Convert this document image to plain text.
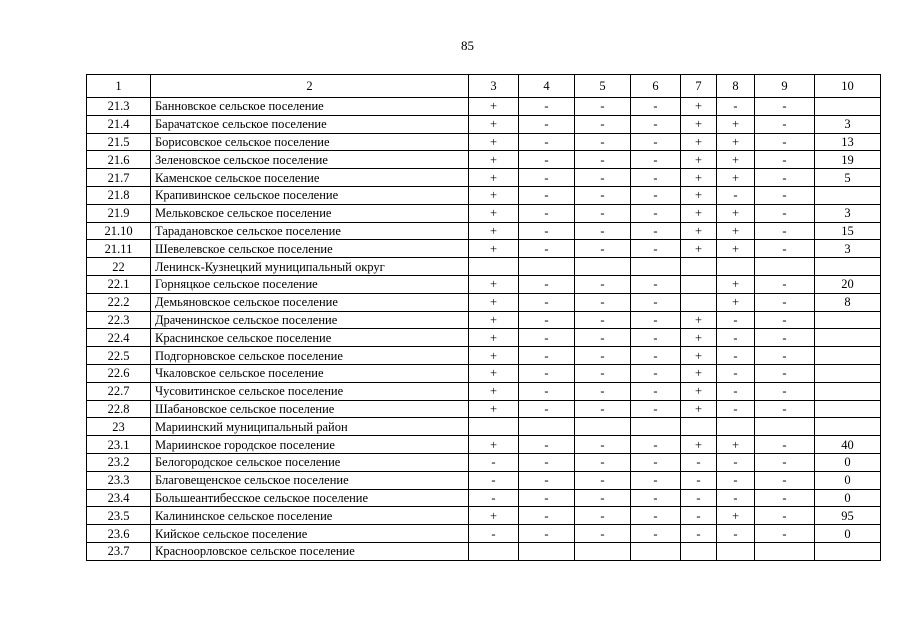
85
1	2	3	4	5	6	7	8	9	10
21.3	Банновское сельское поселение	+	-	-	-	+	-	-	
21.4	Барачатское сельское поселение	+	-	-	-	+	+	-	3
21.5	Борисовское сельское поселение	+	-	-	-	+	+	-	13
21.6	Зеленовское сельское поселение	+	-	-	-	+	+	-	19
21.7	Каменское сельское поселение	+	-	-	-	+	+	-	5
21.8	Крапивинское сельское поселение	+	-	-	-	+	-	-	
21.9	Мельковское сельское поселение	+	-	-	-	+	+	-	3
21.10	Тарадановское сельское поселение	+	-	-	-	+	+	-	15
21.11	Шевелевское сельское поселение	+	-	-	-	+	+	-	3
22	Ленинск-Кузнецкий муниципальный округ								
22.1	Горняцкое сельское поселение	+	-	-	-		+	-	20
22.2	Демьяновское сельское поселение	+	-	-	-		+	-	8
22.3	Драченинское сельское поселение	+	-	-	-	+	-	-	
22.4	Краснинское сельское поселение	+	-	-	-	+	-	-	
22.5	Подгорновское сельское поселение	+	-	-	-	+	-	-	
22.6	Чкаловское сельское поселение	+	-	-	-	+	-	-	
22.7	Чусовитинское сельское поселение	+	-	-	-	+	-	-	
22.8	Шабановское сельское поселение	+	-	-	-	+	-	-	
23	Мариинский муниципальный район								
23.1	Мариинское городское поселение	+	-	-	-	+	+	-	40
23.2	Белогородское сельское поселение	-	-	-	-	-	-	-	0
23.3	Благовещенское сельское поселение	-	-	-	-	-	-	-	0
23.4	Большеантибесское сельское поселение	-	-	-	-	-	-	-	0
23.5	Калининское сельское поселение	+	-	-	-	-	+	-	95
23.6	Кийское сельское поселение	-	-	-	-	-	-	-	0
23.7	Красноорловское сельское поселение								
